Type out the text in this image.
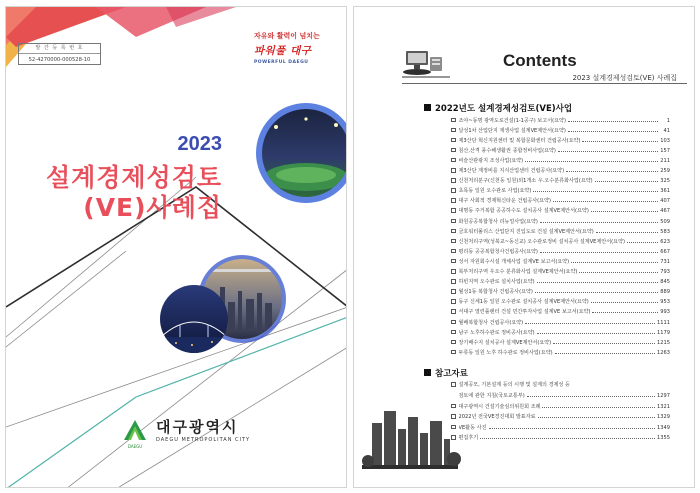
발 간 등 록 번 호
52-4270000-000528-10
자유와 활력이 넘치는
파워풀 대구
POWERFUL DAEGU
2023
설계경제성검토
(VE)사례집
DAEGU
대구광역시
DAEGU METROPOLITAN CITY
Contents
2023 설계경제성검토(VE) 사례집
2022년도 설계경제성검토(VE)사업
조야~동명 광역도로건설(1-1공구) 보고서(요약)	1
달성1차 산업단지 재생사업 설계VE제안서(요약)	41
제3산단 혁신지원센터 및 복합문화센터 건립공사(요약)	103
침산,산격 풍수해생활권 종합정비사업(요약)	157
비슬산관광지 조성사업(요약)	211
제3산단 재정비를 지식산업센터 건립공사(요약)	259
신천처리분구(신천동 일원)외1개소 우.오수분류화사업(요약)	325
초목동 일원 오수관로 사업(요약)	361
대구 사회적 경제혁신타운 건립공사(요약)	407
대명동 주거복합 공공하수도 설치공사 설계VE제안서(요약)	467
화원공공복합청사 리뉴얼사업(요약)	509
금호워터폴리스 산업단지 진입도로 건설 설계VE제안서(요약)	583
신천처리구역(성북교~동신교) 오수관로정비 설치공사 설계VE제안서(요약)	623
평리동 공공복합청사건립공사(요약)	667
성서 자원회수시설 개체사업 설계VE 보고서(요약)	731
북부처리구역 우오수 분류화사업 설계VE제안서(요약)	793
하빈지역 오수관로 설치사업(요약)	845
월성1동 복합청사 건립공사(요약)	889
동구 신세1동 일원 오수관로 설치공사 설계VE제안서(요약)	953
서대구 열린플랜터 건설 민간투자사업 설계VE 보고서(요약)	993
월배복합청사 건립공사(요약)	1111
남구 노후하수관로 정비공사(요약)	1179
장기배수지 설치공사 설계VE제안서(요약)	1215
두류동 일원 노후 하수관로 정비사업(요약)	1263
참고자료
설계공모, 기본설계 등의 시행 및 설계의 경제성 등
검토에 관한 지침(국토교통부)	1297
대구광역시 건설기술심의위원회 조례	1321
2022년 전국VE경진대회 발표자료	1329
VE활동 사진	1349
편집후기	1355
